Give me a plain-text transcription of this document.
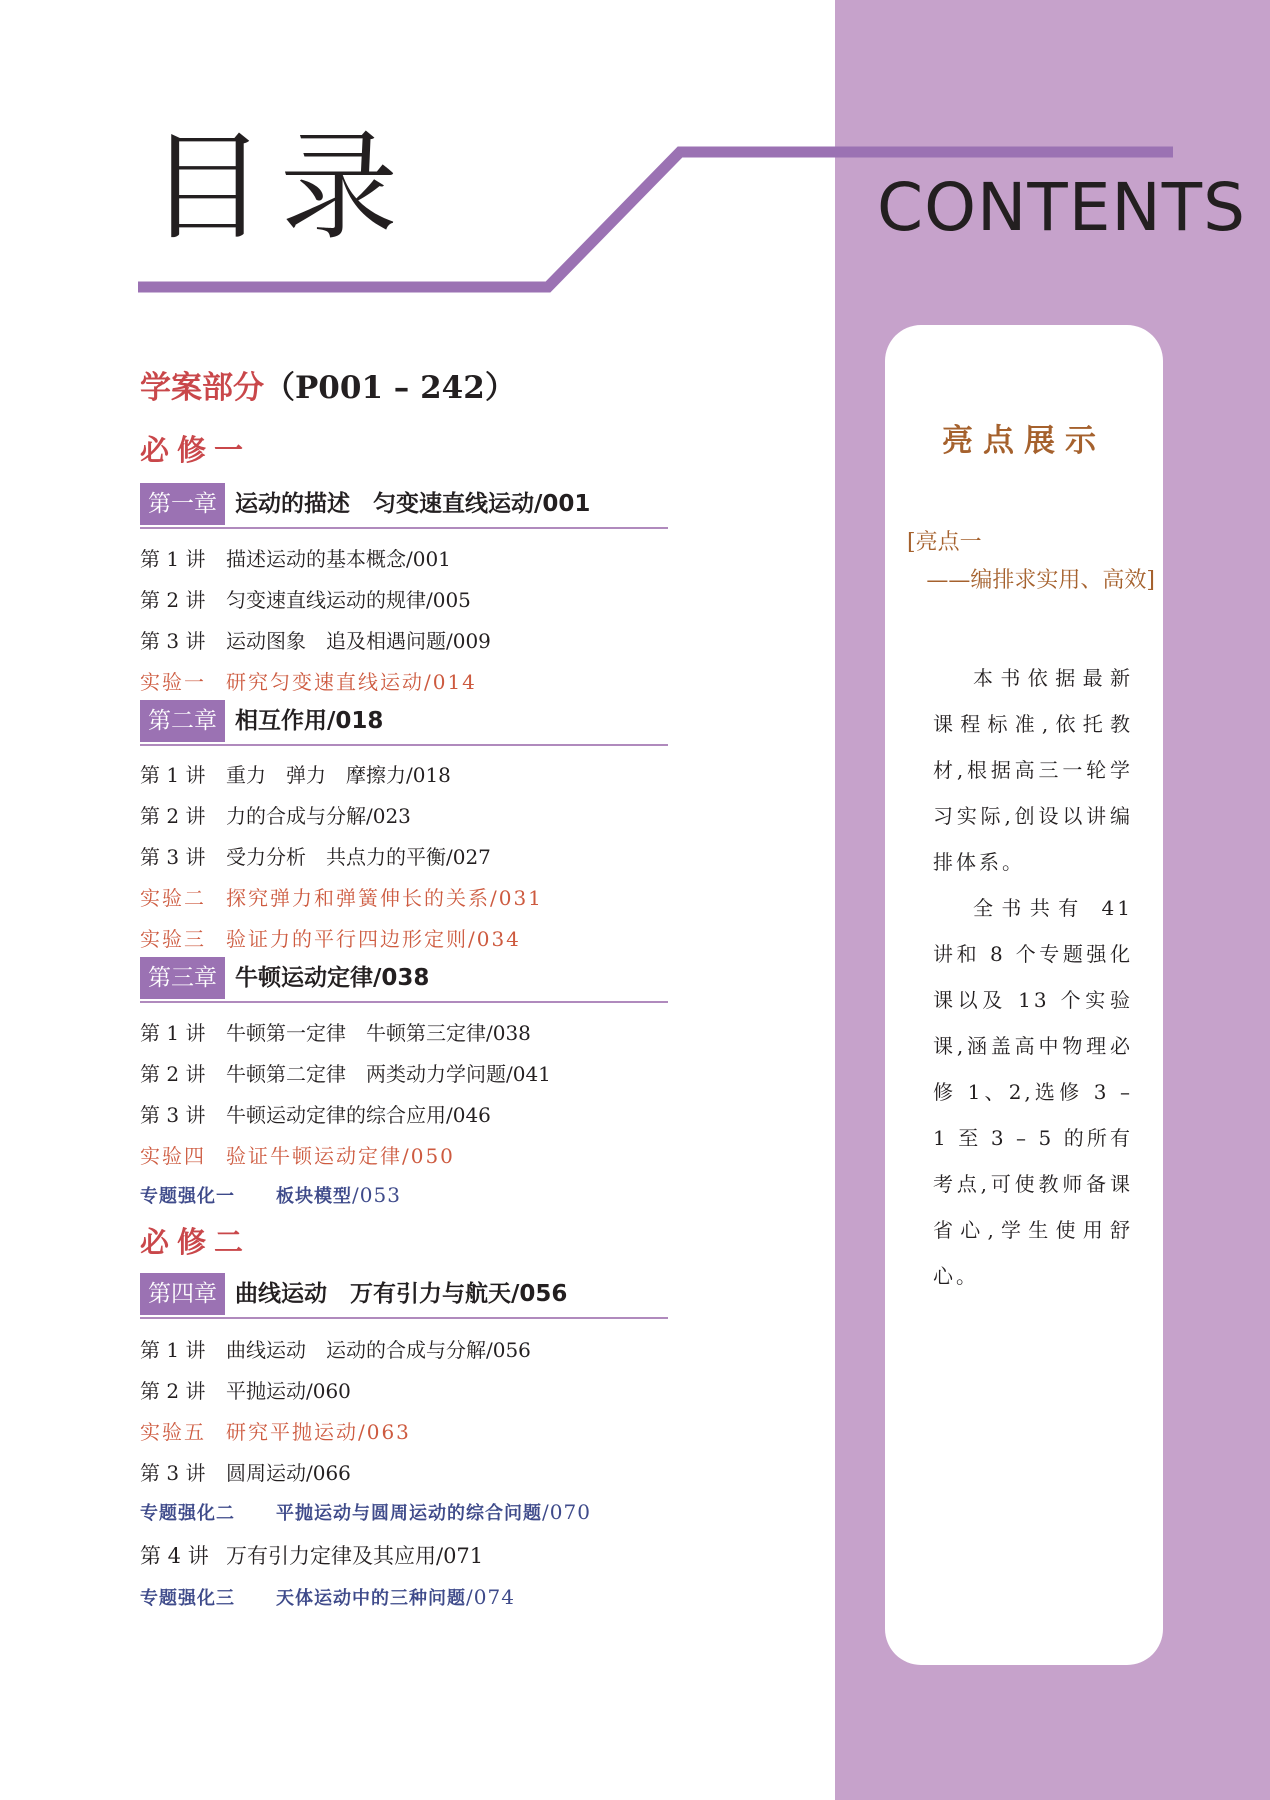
目录	CONTENTS
亮点展示
[亮点一
——编排求实用、高效]

本书依据最新课程标准,依托教材,根据高三一轮学习实际,创设以讲编排体系。

全书共有 41 讲和 8 个专题强化课以及 13 个实验课,涵盖高中物理必修 1、2,选修 3 – 1 至 3 – 5 的所有考点,可使教师备课省心,学生使用舒心。

学案部分（P001 – 242）
必修一
第一章 运动的描述　匀变速直线运动/001
第 1 讲 描述运动的基本概念/001
第 2 讲 匀变速直线运动的规律/005
第 3 讲 运动图象　追及相遇问题/009
实验一 研究匀变速直线运动/014
第二章 相互作用/018
第 1 讲 重力　弹力　摩擦力/018
第 2 讲 力的合成与分解/023
第 3 讲 受力分析　共点力的平衡/027
实验二 探究弹力和弹簧伸长的关系/031
实验三 验证力的平行四边形定则/034
第三章 牛顿运动定律/038
第 1 讲 牛顿第一定律　牛顿第三定律/038
第 2 讲 牛顿第二定律　两类动力学问题/041
第 3 讲 牛顿运动定律的综合应用/046
实验四 验证牛顿运动定律/050
专题强化一 板块模型/053
必修二
第四章 曲线运动　万有引力与航天/056
第 1 讲 曲线运动　运动的合成与分解/056
第 2 讲 平抛运动/060
实验五 研究平抛运动/063
第 3 讲 圆周运动/066
专题强化二 平抛运动与圆周运动的综合问题/070
第 4 讲 万有引力定律及其应用/071
专题强化三 天体运动中的三种问题/074
